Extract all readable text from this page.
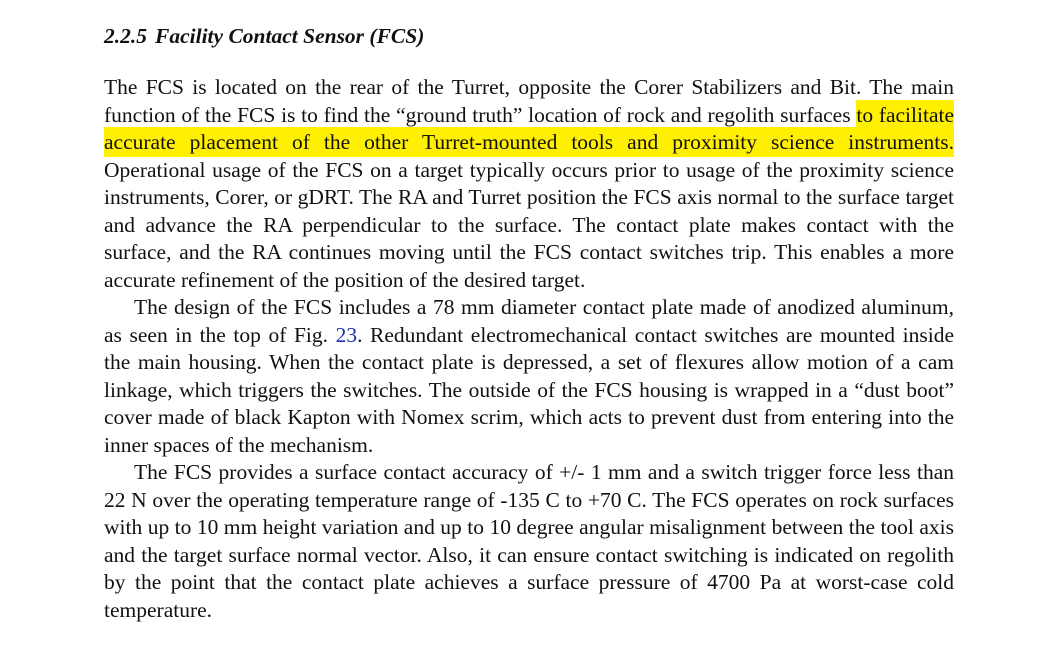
2.2.5 Facility Contact Sensor (FCS)

The FCS is located on the rear of the Turret, opposite the Corer Stabilizers and Bit. The main function of the FCS is to find the “ground truth” location of rock and regolith surfaces to facilitate accurate placement of the other Turret-mounted tools and proximity science instruments. Operational usage of the FCS on a target typically occurs prior to usage of the proximity science instruments, Corer, or gDRT. The RA and Turret position the FCS axis normal to the surface target and advance the RA perpendicular to the surface. The contact plate makes contact with the surface, and the RA continues moving until the FCS contact switches trip. This enables a more accurate refinement of the position of the desired target.

The design of the FCS includes a 78 mm diameter contact plate made of anodized aluminum, as seen in the top of Fig. 23. Redundant electromechanical contact switches are mounted inside the main housing. When the contact plate is depressed, a set of flexures allow motion of a cam linkage, which triggers the switches. The outside of the FCS housing is wrapped in a “dust boot” cover made of black Kapton with Nomex scrim, which acts to prevent dust from entering into the inner spaces of the mechanism.

The FCS provides a surface contact accuracy of +/- 1 mm and a switch trigger force less than 22 N over the operating temperature range of -135 C to +70 C. The FCS operates on rock surfaces with up to 10 mm height variation and up to 10 degree angular misalignment between the tool axis and the target surface normal vector. Also, it can ensure contact switching is indicated on regolith by the point that the contact plate achieves a surface pressure of 4700 Pa at worst-case cold temperature.
